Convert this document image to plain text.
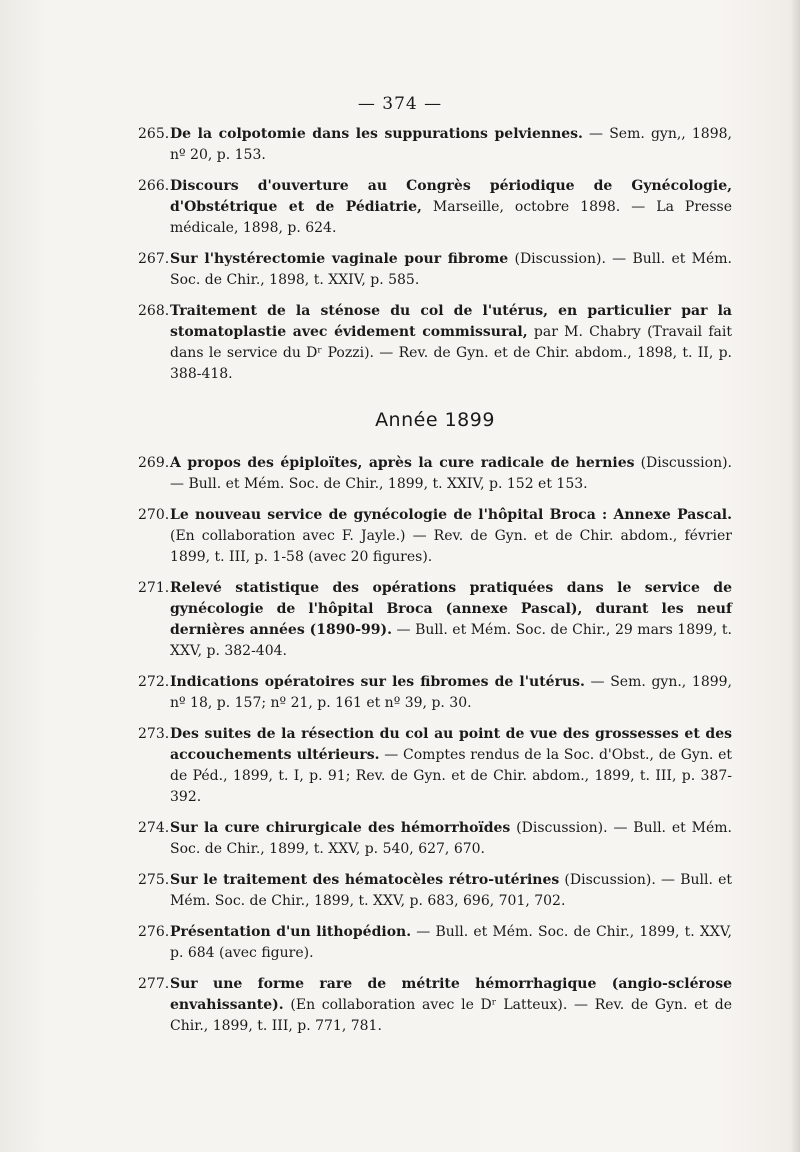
— 374 —
265. De la colpotomie dans les suppurations pelviennes. — Sem. gyn,, 1898, nº 20, p. 153.
266. Discours d'ouverture au Congrès périodique de Gynécologie, d'Obstétrique et de Pédiatrie, Marseille, octobre 1898. — La Presse médicale, 1898, p. 624.
267. Sur l'hystérectomie vaginale pour fibrome (Discussion). — Bull. et Mém. Soc. de Chir., 1898, t. XXIV, p. 585.
268. Traitement de la sténose du col de l'utérus, en particulier par la stomatoplastie avec évidement commissural, par M. Chabry (Travail fait dans le service du Dʳ Pozzi). — Rev. de Gyn. et de Chir. abdom., 1898, t. II, p. 388-418.
Année 1899
269. A propos des épiploïtes, après la cure radicale de hernies (Discussion). — Bull. et Mém. Soc. de Chir., 1899, t. XXIV, p. 152 et 153.
270. Le nouveau service de gynécologie de l'hôpital Broca : Annexe Pascal. (En collaboration avec F. Jayle.) — Rev. de Gyn. et de Chir. abdom., février 1899, t. III, p. 1-58 (avec 20 figures).
271. Relevé statistique des opérations pratiquées dans le service de gynécologie de l'hôpital Broca (annexe Pascal), durant les neuf dernières années (1890-99). — Bull. et Mém. Soc. de Chir., 29 mars 1899, t. XXV, p. 382-404.
272. Indications opératoires sur les fibromes de l'utérus. — Sem. gyn., 1899, nº 18, p. 157; nº 21, p. 161 et nº 39, p. 30.
273. Des suites de la résection du col au point de vue des grossesses et des accouchements ultérieurs. — Comptes rendus de la Soc. d'Obst., de Gyn. et de Péd., 1899, t. I, p. 91; Rev. de Gyn. et de Chir. abdom., 1899, t. III, p. 387-392.
274. Sur la cure chirurgicale des hémorrhoïdes (Discussion). — Bull. et Mém. Soc. de Chir., 1899, t. XXV, p. 540, 627, 670.
275. Sur le traitement des hématocèles rétro-utérines (Discussion). — Bull. et Mém. Soc. de Chir., 1899, t. XXV, p. 683, 696, 701, 702.
276. Présentation d'un lithopédion. — Bull. et Mém. Soc. de Chir., 1899, t. XXV, p. 684 (avec figure).
277. Sur une forme rare de métrite hémorrhagique (angio-sclérose envahissante). (En collaboration avec le Dʳ Latteux). — Rev. de Gyn. et de Chir., 1899, t. III, p. 771, 781.
